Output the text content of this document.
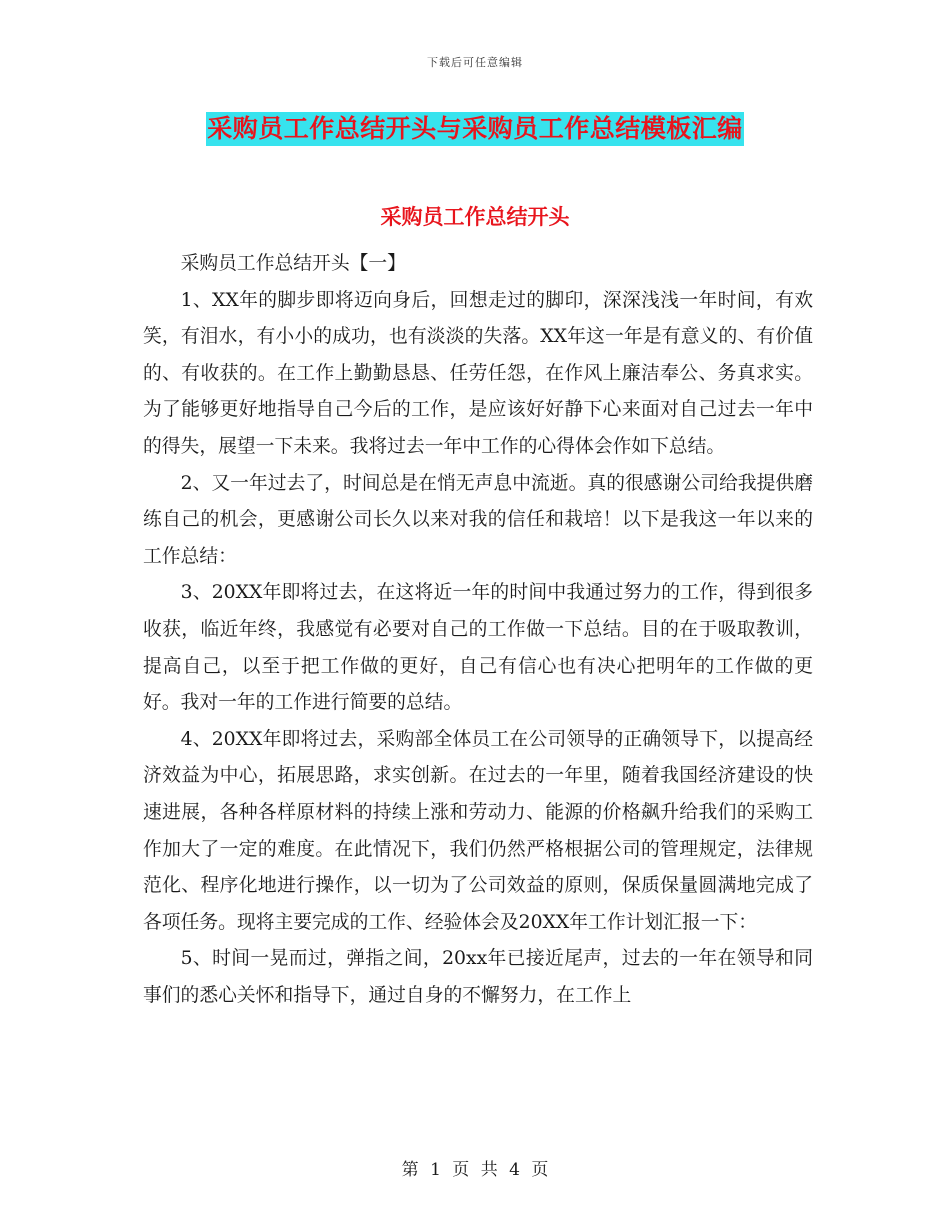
下载后可任意编辑
采购员工作总结开头与采购员工作总结模板汇编
采购员工作总结开头

采购员工作总结开头【一】

1、XX年的脚步即将迈向身后，回想走过的脚印，深深浅浅一年时间，有欢笑，有泪水，有小小的成功，也有淡淡的失落。XX年这一年是有意义的、有价值的、有收获的。在工作上勤勤恳恳、任劳任怨，在作风上廉洁奉公、务真求实。为了能够更好地指导自己今后的工作，是应该好好静下心来面对自己过去一年中的得失，展望一下未来。我将过去一年中工作的心得体会作如下总结。

2、又一年过去了，时间总是在悄无声息中流逝。真的很感谢公司给我提供磨练自己的机会，更感谢公司长久以来对我的信任和栽培！以下是我这一年以来的工作总结：

3、20XX年即将过去，在这将近一年的时间中我通过努力的工作，得到很多收获，临近年终，我感觉有必要对自己的工作做一下总结。目的在于吸取教训，提高自己，以至于把工作做的更好，自己有信心也有决心把明年的工作做的更好。我对一年的工作进行简要的总结。

4、20XX年即将过去，采购部全体员工在公司领导的正确领导下，以提高经济效益为中心，拓展思路，求实创新。在过去的一年里，随着我国经济建设的快速进展，各种各样原材料的持续上涨和劳动力、能源的价格飙升给我们的采购工作加大了一定的难度。在此情况下，我们仍然严格根据公司的管理规定，法律规范化、程序化地进行操作，以一切为了公司效益的原则，保质保量圆满地完成了各项任务。现将主要完成的工作、经验体会及20XX年工作计划汇报一下：

5、时间一晃而过，弹指之间，20xx年已接近尾声，过去的一年在领导和同事们的悉心关怀和指导下，通过自身的不懈努力，在工作上

第 1 页 共 4 页
